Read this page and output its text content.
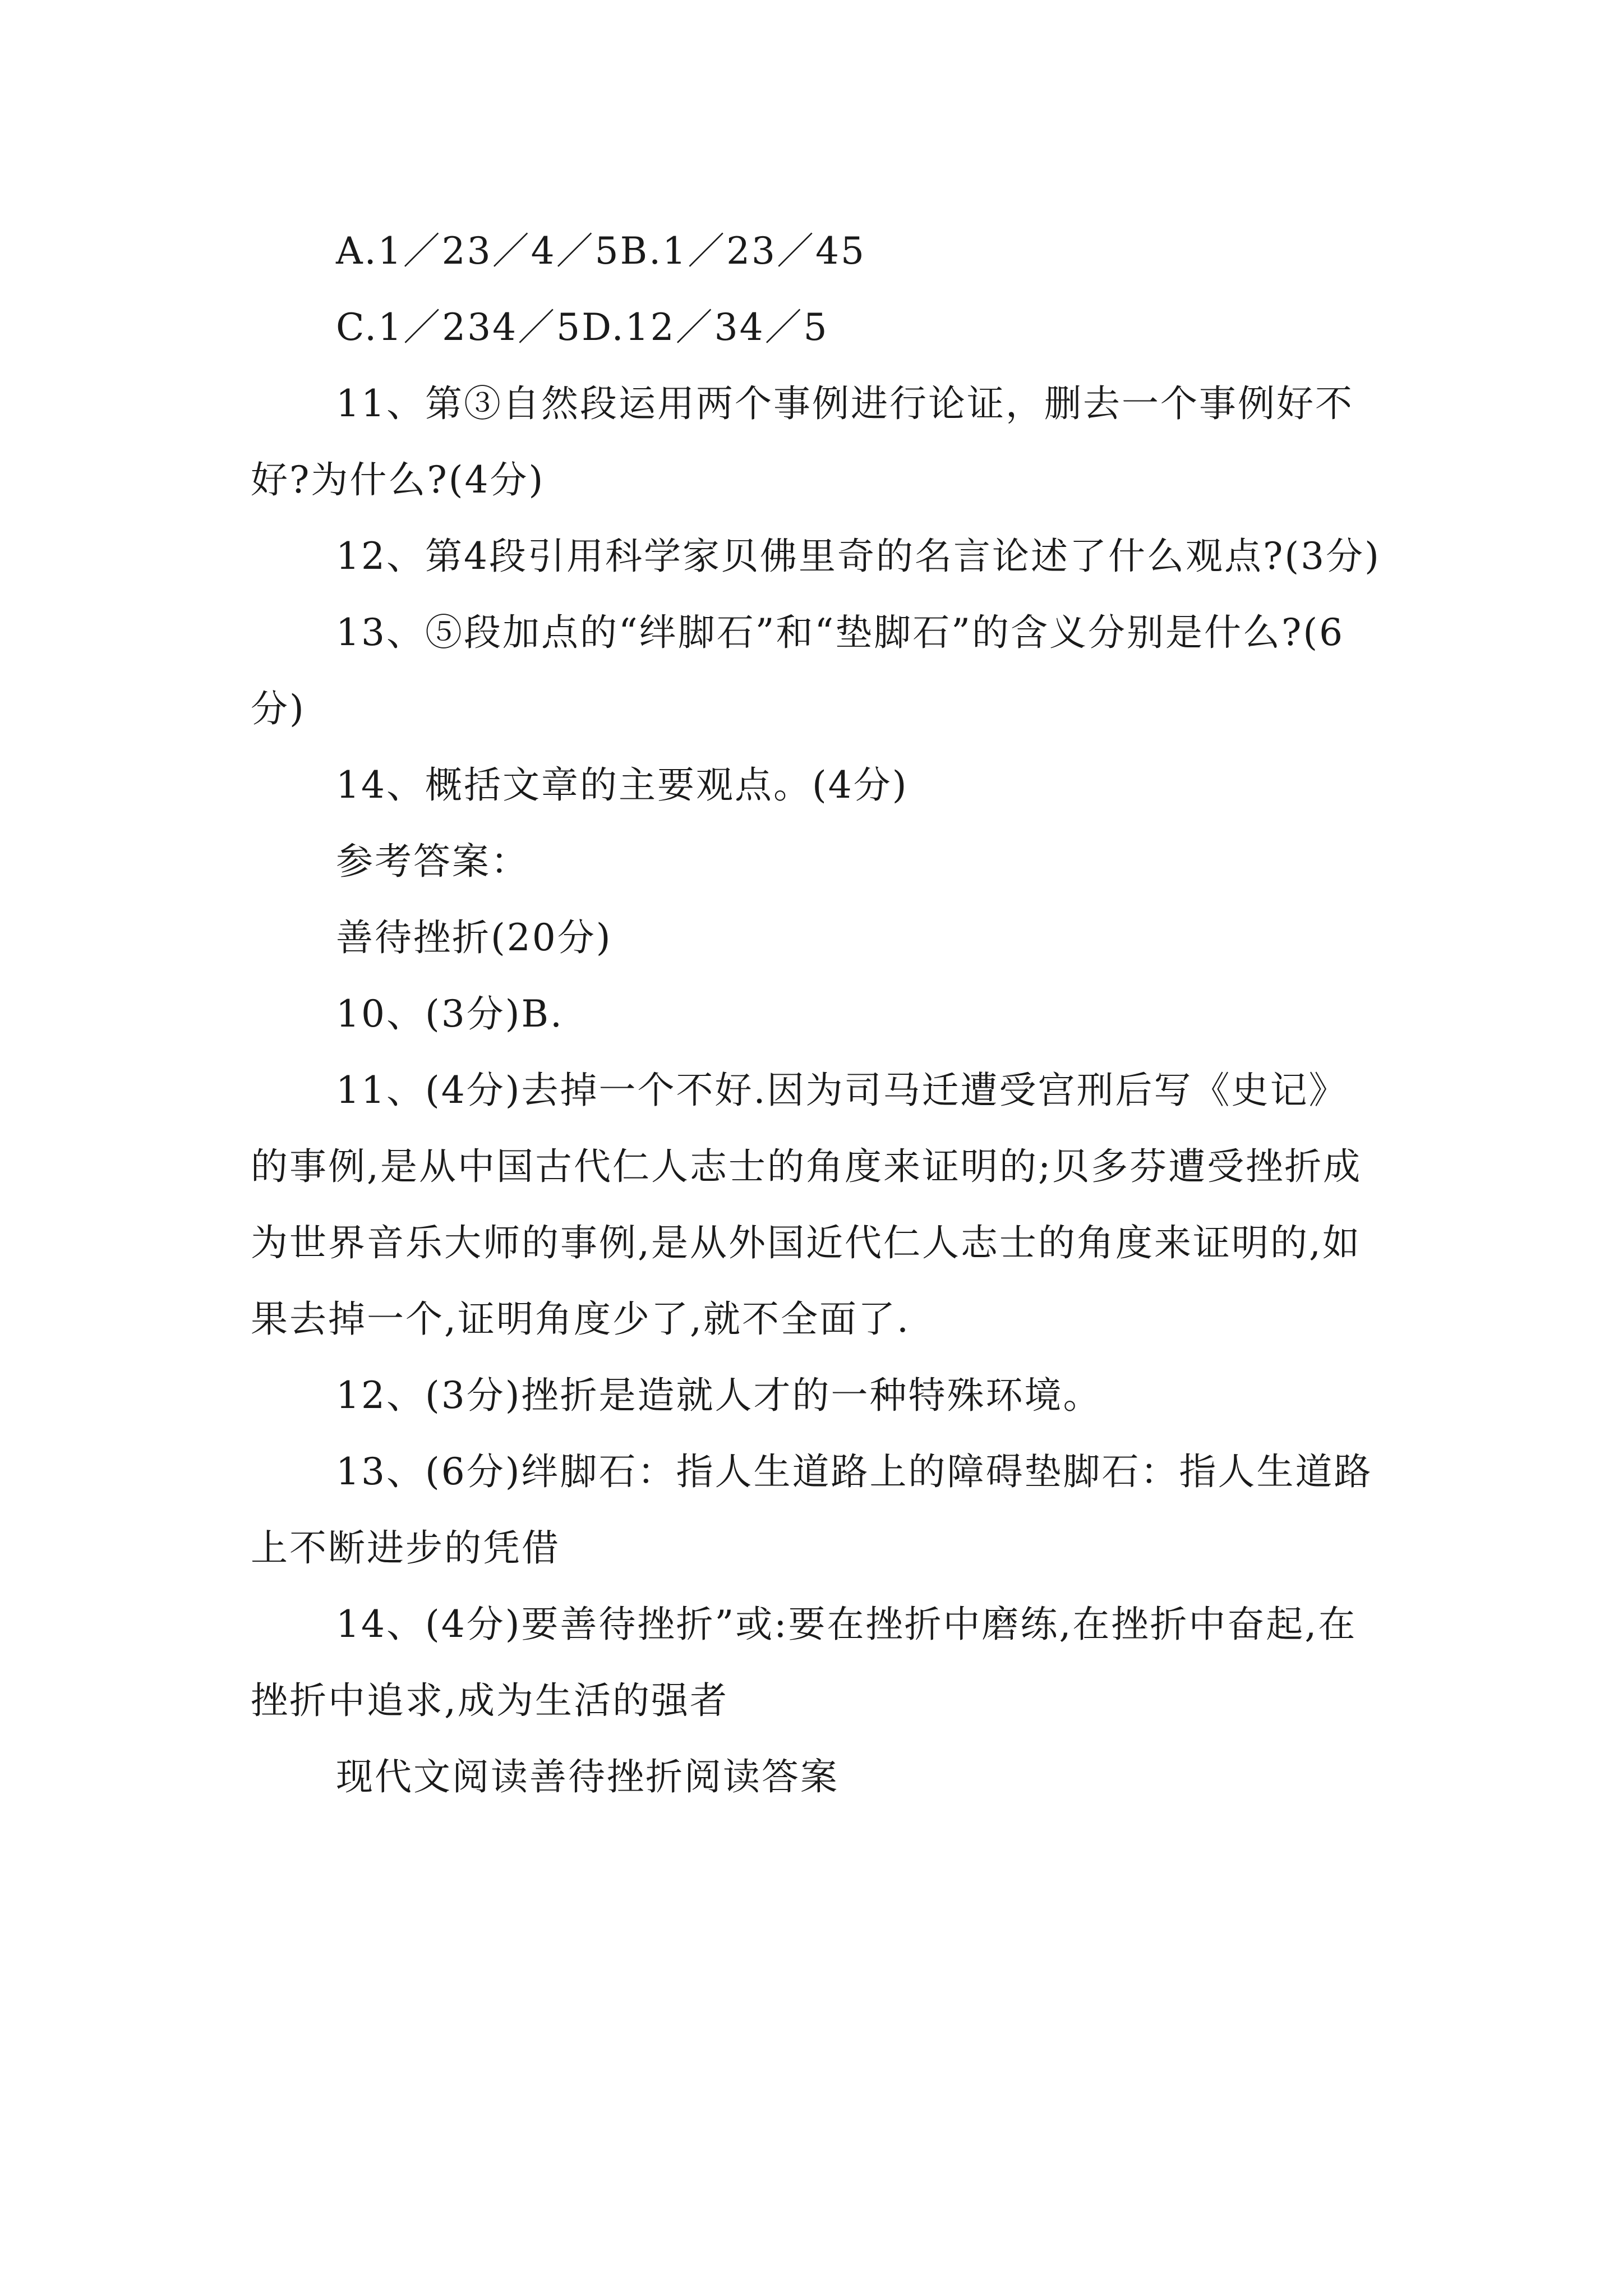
A.1／23／4／5B.1／23／45

C.1／234／5D.12／34／5

11、第③自然段运用两个事例进行论证，删去一个事例好不好?为什么?(4分)

12、第4段引用科学家贝佛里奇的名言论述了什么观点?(3分)

13、⑤段加点的“绊脚石”和“垫脚石”的含义分别是什么?(6分)

14、概括文章的主要观点。(4分)

参考答案：

善待挫折(20分)

10、(3分)B.

11、(4分)去掉一个不好.因为司马迁遭受宫刑后写《史记》的事例,是从中国古代仁人志士的角度来证明的;贝多芬遭受挫折成为世界音乐大师的事例,是从外国近代仁人志士的角度来证明的,如果去掉一个,证明角度少了,就不全面了.

12、(3分)挫折是造就人才的一种特殊环境。

13、(6分)绊脚石：指人生道路上的障碍垫脚石：指人生道路上不断进步的凭借

14、(4分)要善待挫折”或:要在挫折中磨练,在挫折中奋起,在挫折中追求,成为生活的强者

现代文阅读善待挫折阅读答案
